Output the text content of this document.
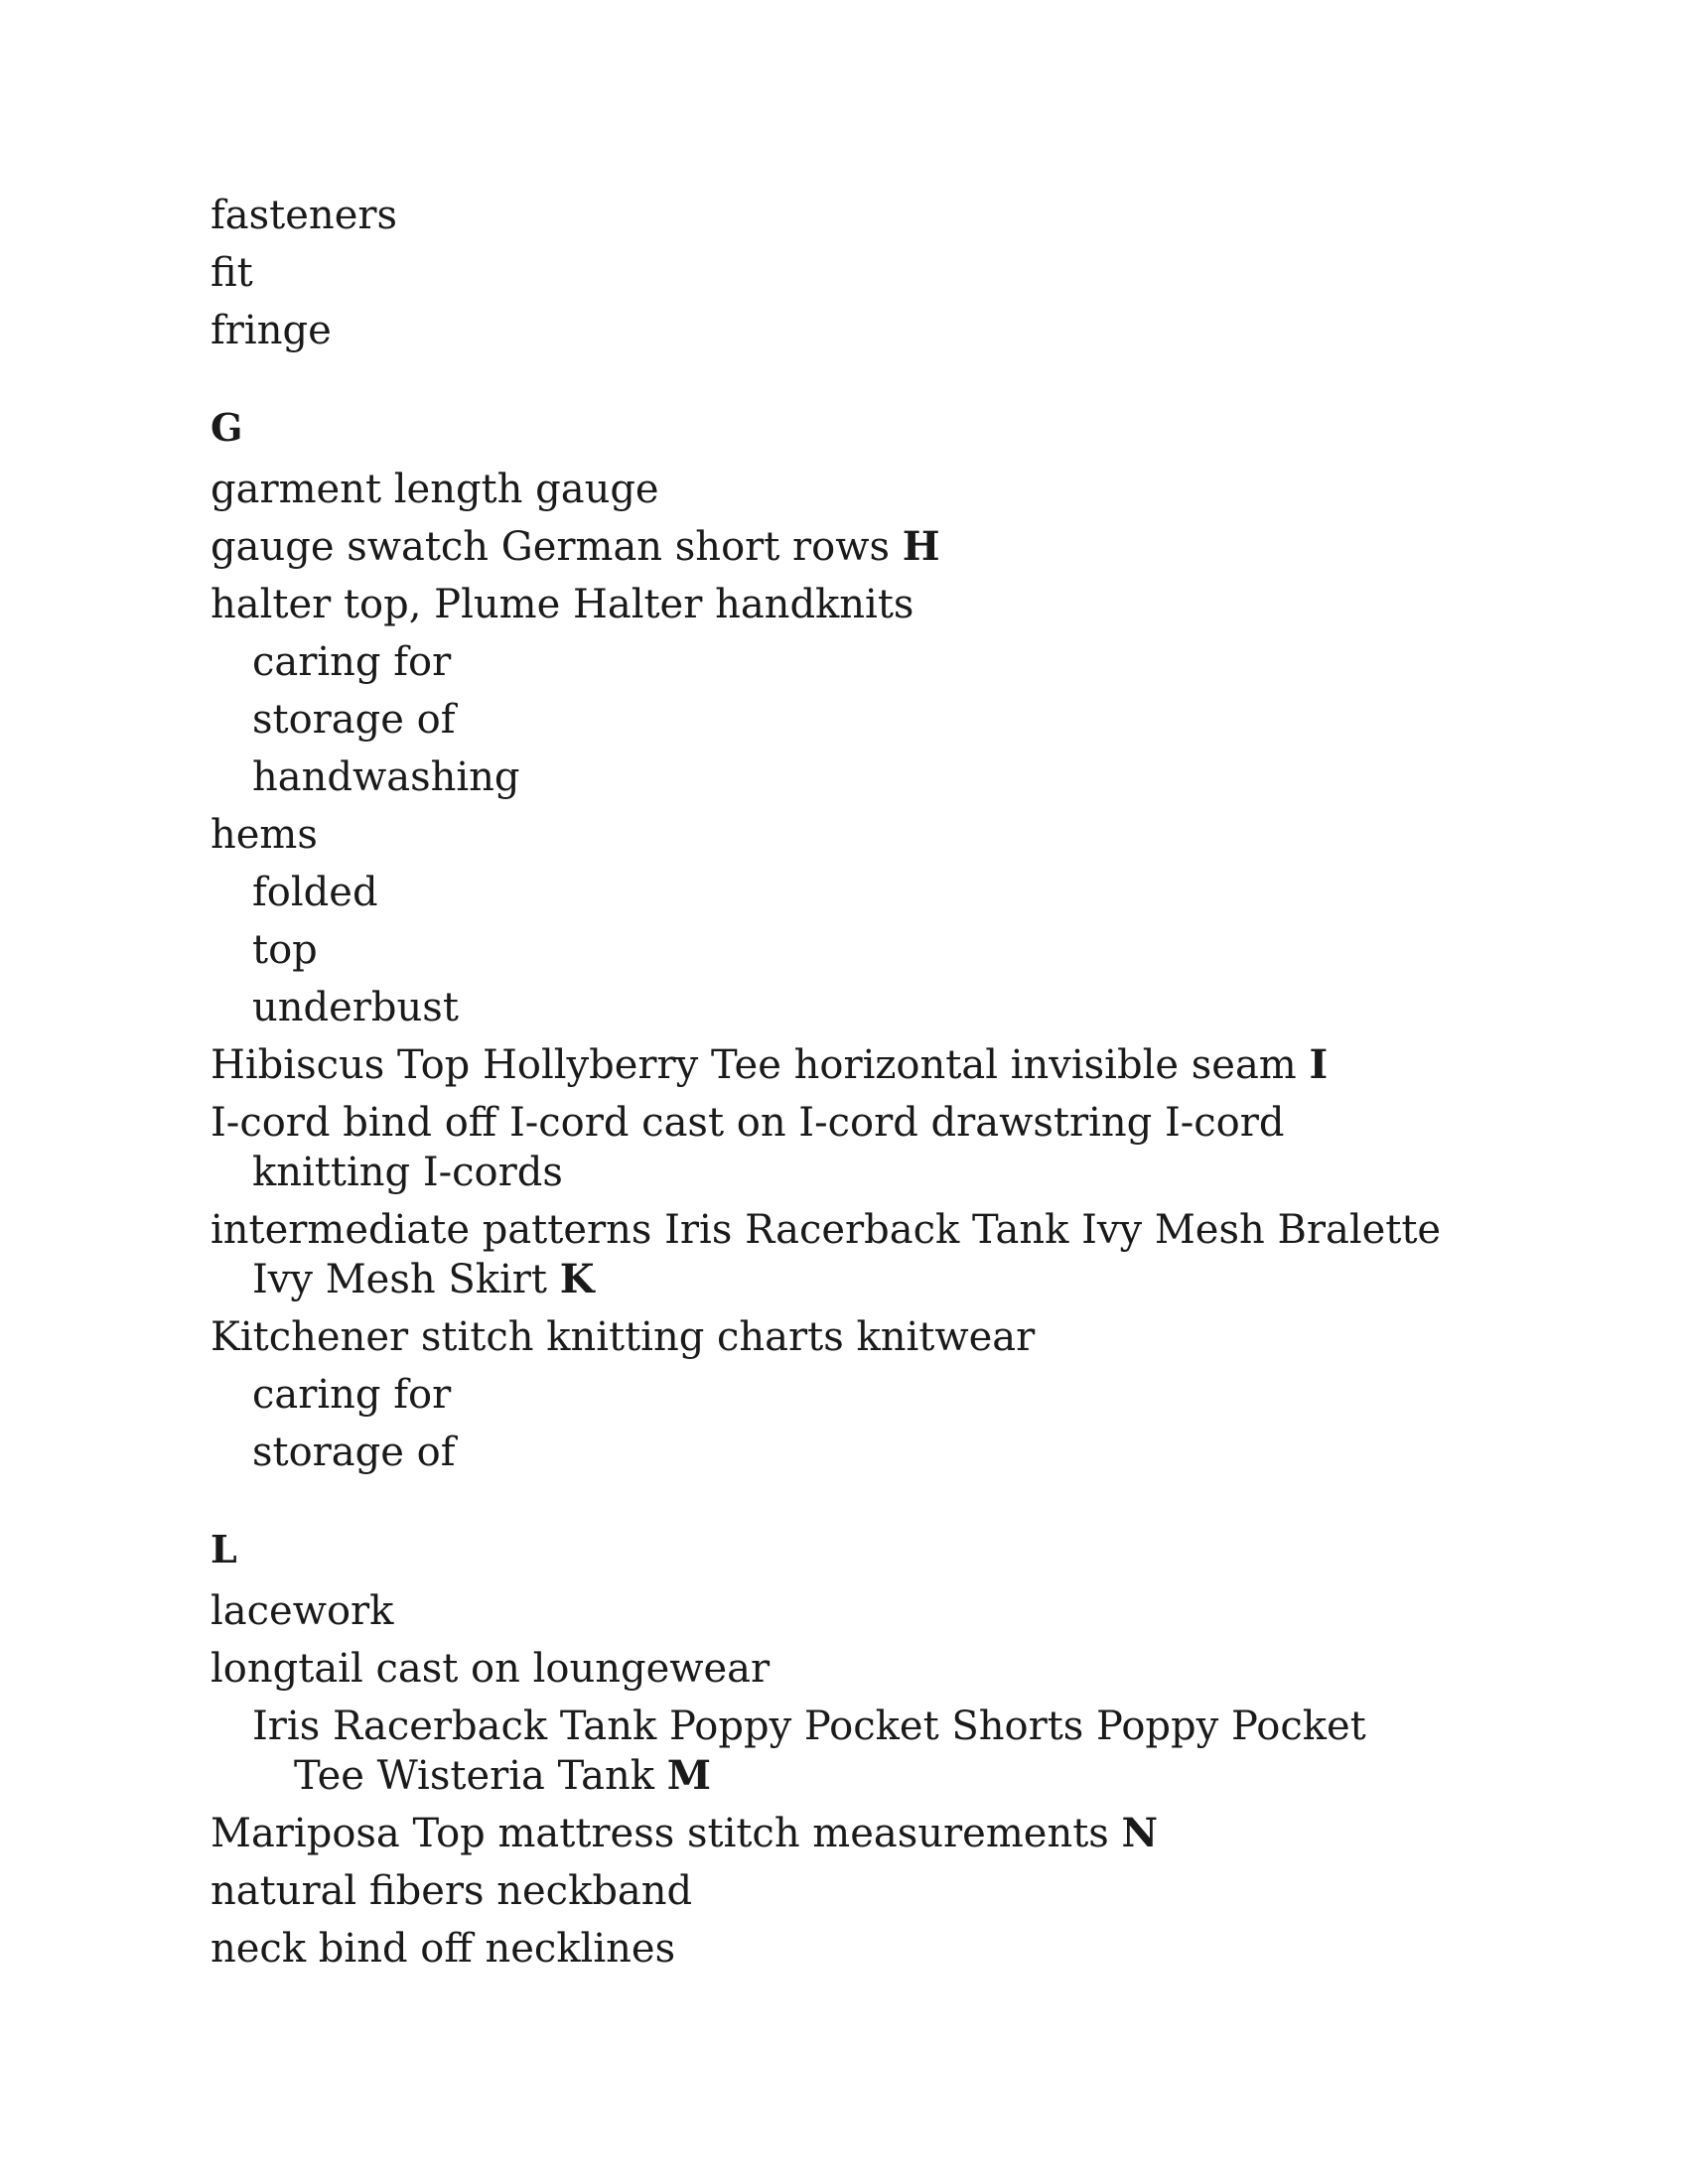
fasteners
fit
fringe
G
garment length gauge
gauge swatch German short rows H
halter top, Plume Halter handknits
caring for
storage of
handwashing
hems
folded
top
underbust
Hibiscus Top Hollyberry Tee horizontal invisible seam I
I-cord bind off I-cord cast on I-cord drawstring I-cord knitting I-cords
intermediate patterns Iris Racerback Tank Ivy Mesh Bralette Ivy Mesh Skirt K
Kitchener stitch knitting charts knitwear
caring for
storage of
L
lacework
longtail cast on loungewear
Iris Racerback Tank Poppy Pocket Shorts Poppy Pocket Tee Wisteria Tank M
Mariposa Top mattress stitch measurements N
natural fibers neckband
neck bind off necklines
